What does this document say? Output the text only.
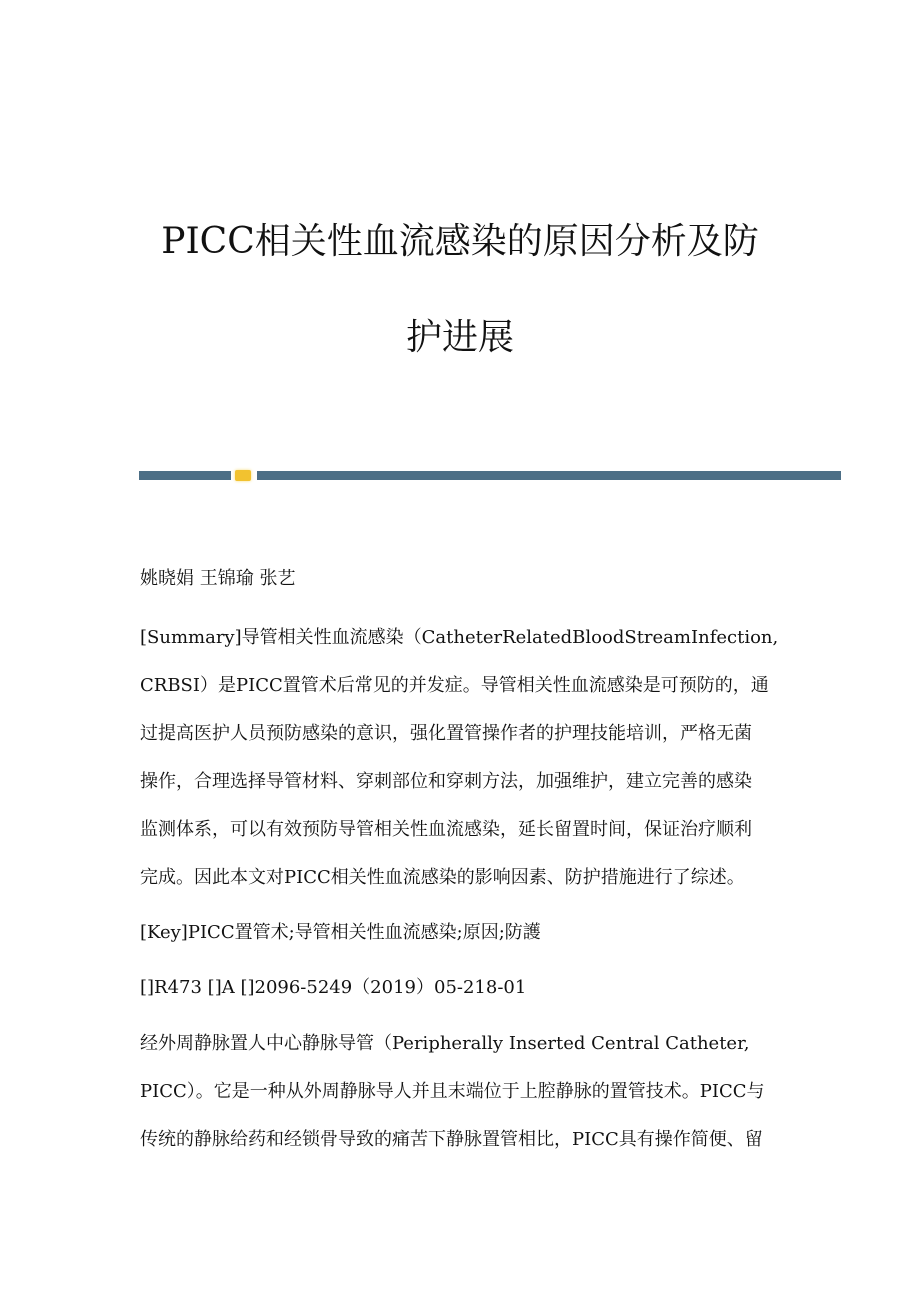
PICC相关性血流感染的原因分析及防
护进展
姚晓娟 王锦瑜 张艺
[Summary]导管相关性血流感染（CatheterRelatedBloodStreamInfection,
CRBSI）是PICC置管术后常见的并发症。导管相关性血流感染是可预防的，通
过提高医护人员预防感染的意识，强化置管操作者的护理技能培训，严格无菌
操作，合理选择导管材料、穿刺部位和穿刺方法，加强维护，建立完善的感染
监测体系，可以有效预防导管相关性血流感染，延长留置时间，保证治疗顺利
完成。因此本文对PICC相关性血流感染的影响因素、防护措施进行了综述。
[Key]PICC置管术;导管相关性血流感染;原因;防護
[]R473 []A []2096-5249（2019）05-218-01
经外周静脉置人中心静脉导管（Peripherally Inserted Central Catheter,
PICC）。它是一种从外周静脉导人并且末端位于上腔静脉的置管技术。PICC与
传统的静脉给药和经锁骨导致的痛苦下静脉置管相比，PICC具有操作简便、留
